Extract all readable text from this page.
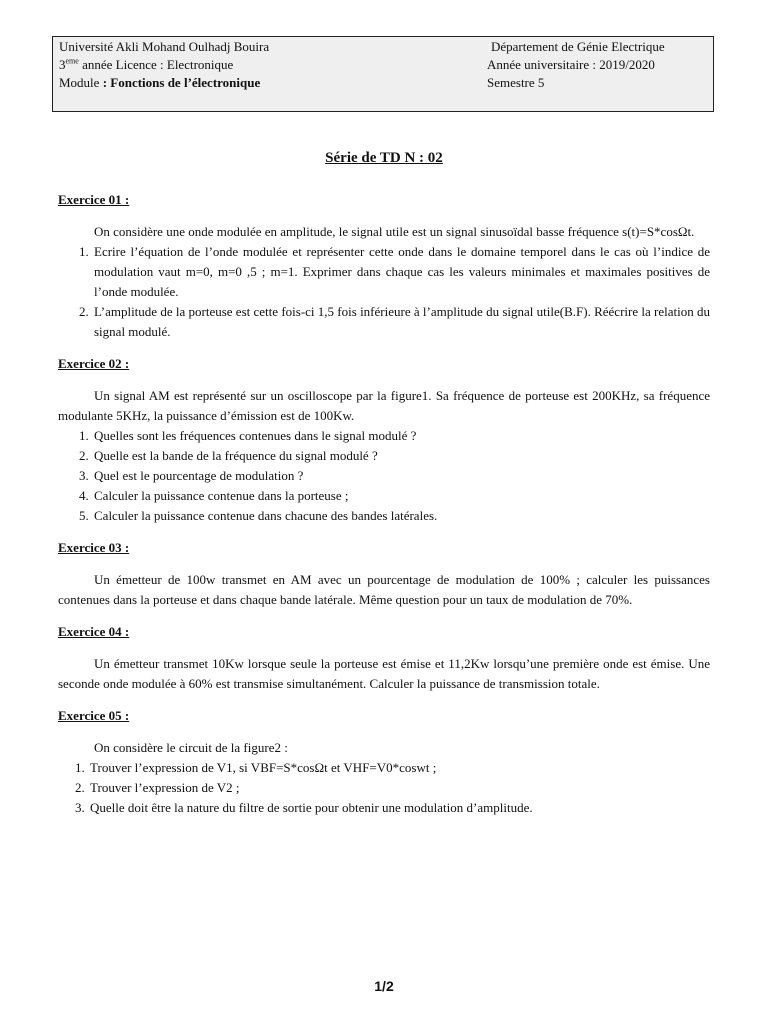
Université Akli Mohand Oulhadj Bouira
3eme année Licence : Electronique
Module : Fonctions de l’électronique
Département de Génie Electrique
Année universitaire : 2019/2020
Semestre 5
Série de TD N : 02

Exercice 01 :

On considère une onde modulée en amplitude, le signal utile est un signal sinusoïdal basse fréquence s(t)=S*cosΩt.

1. Ecrire l’équation de l’onde modulée et représenter cette onde dans le domaine temporel dans le cas où l’indice de modulation vaut m=0, m=0 ,5 ; m=1. Exprimer dans chaque cas les valeurs minimales et maximales positives de l’onde modulée.
2. L’amplitude de la porteuse est cette fois-ci 1,5 fois inférieure à l’amplitude du signal utile(B.F). Réécrire la relation du signal modulé.

Exercice 02 :

Un signal AM est représenté sur un oscilloscope par la figure1. Sa fréquence de porteuse est 200KHz, sa fréquence modulante 5KHz, la puissance d’émission est de 100Kw.

1. Quelles sont les fréquences contenues dans le signal modulé ?
2. Quelle est la bande de la fréquence du signal modulé ?
3. Quel est le pourcentage de modulation ?
4. Calculer la puissance contenue dans la porteuse ;
5. Calculer la puissance contenue dans chacune des bandes latérales.

Exercice 03 :

Un émetteur de 100w transmet en AM avec un pourcentage de modulation de 100% ; calculer les puissances contenues dans la porteuse et dans chaque bande latérale. Même question pour un taux de modulation de 70%.

Exercice 04 :

Un émetteur transmet 10Kw lorsque seule la porteuse est émise et 11,2Kw lorsqu’une première onde est émise. Une seconde onde modulée à 60% est transmise simultanément. Calculer la puissance de transmission totale.

Exercice 05 :

On considère le circuit de la figure2 :

1. Trouver l’expression de V1, si VBF=S*cosΩt et VHF=V0*coswt ;
2. Trouver l’expression de V2 ;
3. Quelle doit être la nature du filtre de sortie pour obtenir une modulation d’amplitude.
1/2
